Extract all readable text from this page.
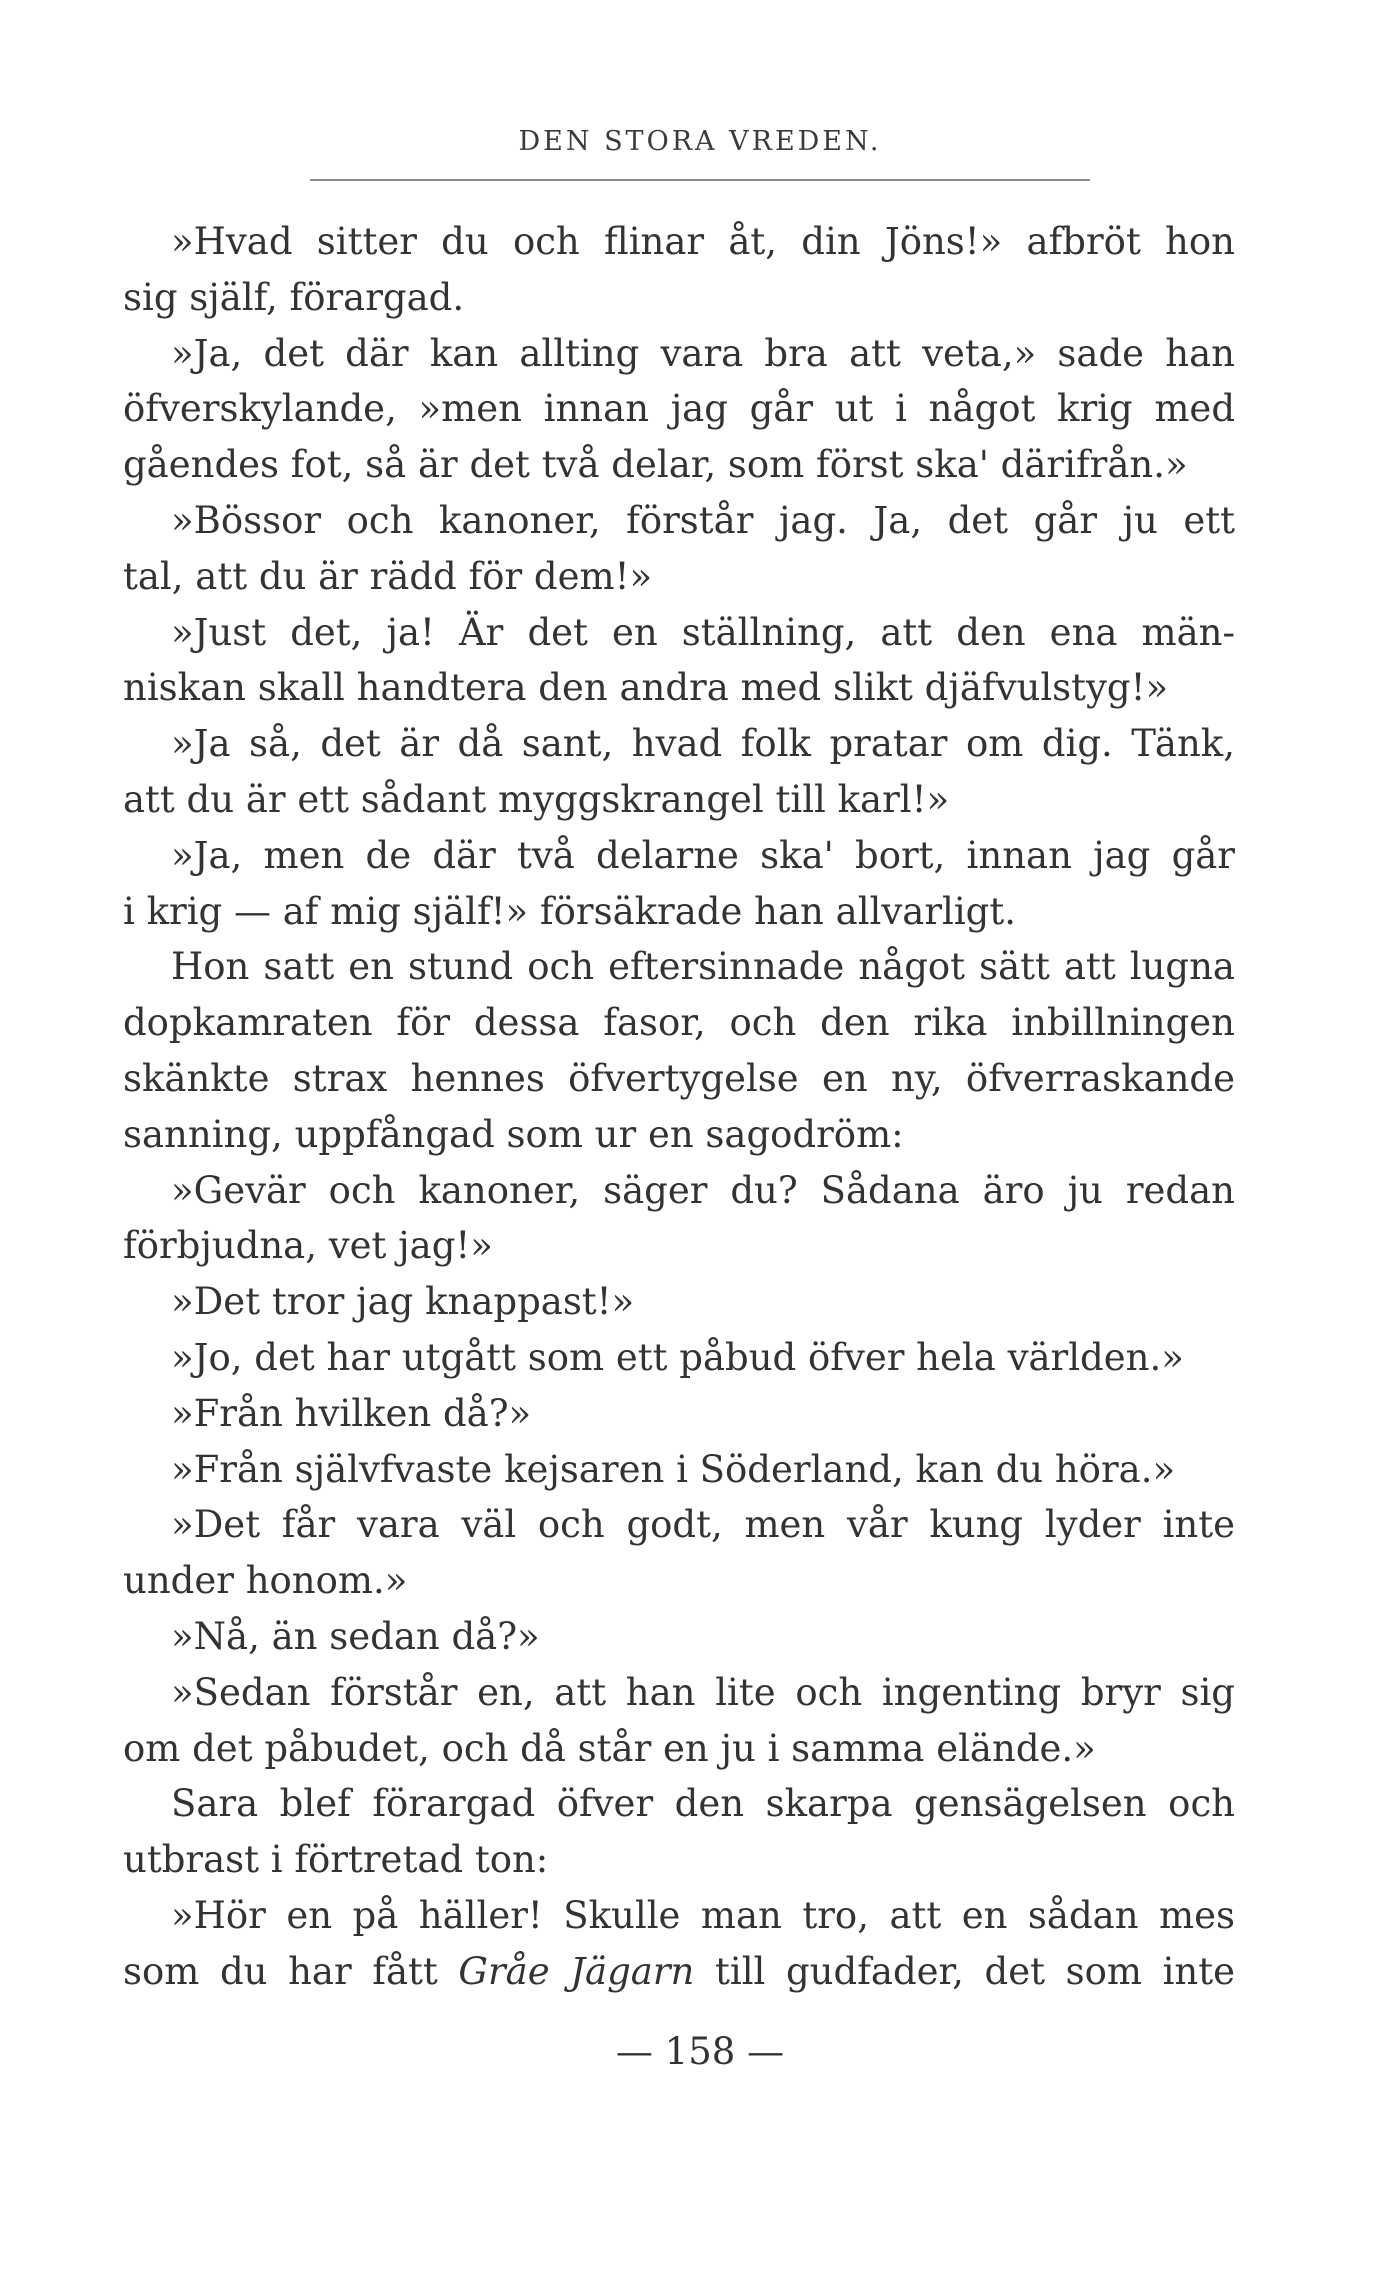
DEN STORA VREDEN.
»Hvad sitter du och flinar åt, din Jöns!» afbröt hon
sig själf, förargad.
»Ja, det där kan allting vara bra att veta,» sade han
öfverskylande, »men innan jag går ut i något krig med
gåendes fot, så är det två delar, som först ska' därifrån.»
»Bössor och kanoner, förstår jag. Ja, det går ju ett
tal, att du är rädd för dem!»
»Just det, ja! Är det en ställning, att den ena män-
niskan skall handtera den andra med slikt djäfvulstyg!»
»Ja så, det är då sant, hvad folk pratar om dig. Tänk,
att du är ett sådant myggskrangel till karl!»
»Ja, men de där två delarne ska' bort, innan jag går
i krig — af mig själf!» försäkrade han allvarligt.
Hon satt en stund och eftersinnade något sätt att lugna
dopkamraten för dessa fasor, och den rika inbillningen
skänkte strax hennes öfvertygelse en ny, öfverraskande
sanning, uppfångad som ur en sagodröm:
»Gevär och kanoner, säger du? Sådana äro ju redan
förbjudna, vet jag!»
»Det tror jag knappast!»
»Jo, det har utgått som ett påbud öfver hela världen.»
»Från hvilken då?»
»Från självfvaste kejsaren i Söderland, kan du höra.»
»Det får vara väl och godt, men vår kung lyder inte
under honom.»
»Nå, än sedan då?»
»Sedan förstår en, att han lite och ingenting bryr sig
om det påbudet, och då står en ju i samma elände.»
Sara blef förargad öfver den skarpa gensägelsen och
utbrast i förtretad ton:
»Hör en på häller! Skulle man tro, att en sådan mes
som du har fått Gråe Jägarn till gudfader, det som inte
— 158 —
